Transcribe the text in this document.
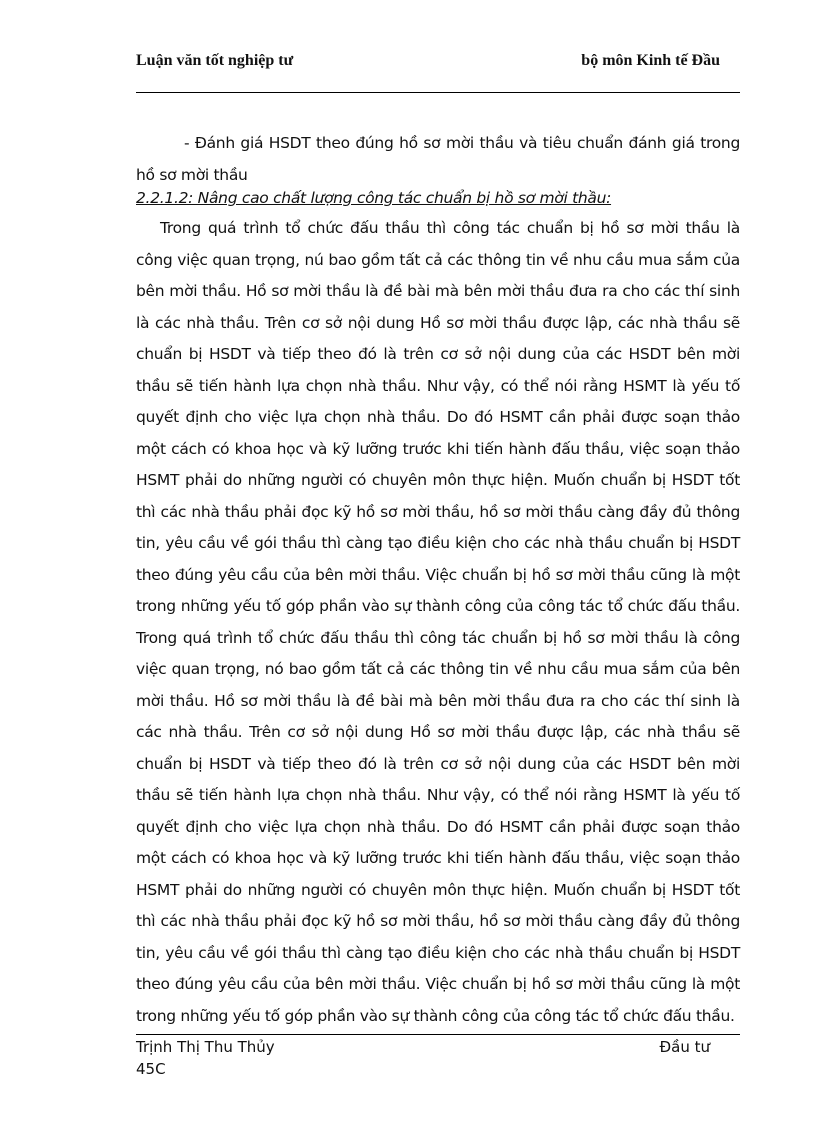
Luận văn tốt nghiệp tư	bộ môn Kinh tế Đầu

- Đánh giá HSDT theo đúng hồ sơ mời thầu và tiêu chuẩn đánh giá trong hồ sơ mời thầu

2.2.1.2: Nâng cao chất lượng công tác chuẩn bị hồ sơ mời thầu:

Trong quá trình tổ chức đấu thầu thì công tác chuẩn bị hồ sơ mời thầu là công việc quan trọng, nú bao gồm tất cả các thông tin về nhu cầu mua sắm của bên mời thầu. Hồ sơ mời thầu là đề bài mà bên mời thầu đưa ra cho các thí sinh là các nhà thầu. Trên cơ sở nội dung Hồ sơ mời thầu được lập, các nhà thầu sẽ chuẩn bị HSDT và tiếp theo đó là trên cơ sở nội dung của các HSDT bên mời thầu sẽ tiến hành lựa chọn nhà thầu. Như vậy, có thể nói rằng HSMT là yếu tố quyết định cho việc lựa chọn nhà thầu. Do đó HSMT cần phải được soạn thảo một cách có khoa học và kỹ lưỡng trước khi tiến hành đấu thầu, việc soạn thảo HSMT phải do những người có chuyên môn thực hiện. Muốn chuẩn bị HSDT tốt thì các nhà thầu phải đọc kỹ hồ sơ mời thầu, hồ sơ mời thầu càng đầy đủ thông tin, yêu cầu về gói thầu thì càng tạo điều kiện cho các nhà thầu chuẩn bị HSDT theo đúng yêu cầu của bên mời thầu. Việc chuẩn bị hồ sơ mời thầu cũng là một trong những yếu tố góp phần vào sự thành công của công tác tổ chức đấu thầu. Trong quá trình tổ chức đấu thầu thì công tác chuẩn bị hồ sơ mời thầu là công việc quan trọng, nó bao gồm tất cả các thông tin về nhu cầu mua sắm của bên mời thầu. Hồ sơ mời thầu là đề bài mà bên mời thầu đưa ra cho các thí sinh là các nhà thầu. Trên cơ sở nội dung Hồ sơ mời thầu được lập, các nhà thầu sẽ chuẩn bị HSDT và tiếp theo đó là trên cơ sở nội dung của các HSDT bên mời thầu sẽ tiến hành lựa chọn nhà thầu. Như vậy, có thể nói rằng HSMT là yếu tố quyết định cho việc lựa chọn nhà thầu. Do đó HSMT cần phải được soạn thảo một cách có khoa học và kỹ lưỡng trước khi tiến hành đấu thầu, việc soạn thảo HSMT phải do những người có chuyên môn thực hiện. Muốn chuẩn bị HSDT tốt thì các nhà thầu phải đọc kỹ hồ sơ mời thầu, hồ sơ mời thầu càng đầy đủ thông tin, yêu cầu về gói thầu thì càng tạo điều kiện cho các nhà thầu chuẩn bị HSDT theo đúng yêu cầu của bên mời thầu. Việc chuẩn bị hồ sơ mời thầu cũng là một trong những yếu tố góp phần vào sự thành công của công tác tổ chức đấu thầu.

Trịnh Thị Thu Thủy 45C
Đầu tư
